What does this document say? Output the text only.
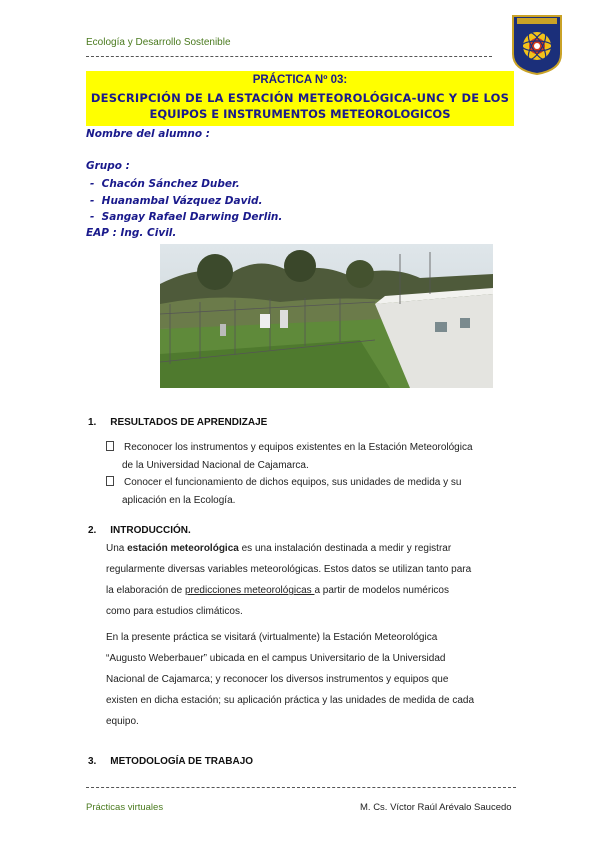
Ecología y Desarrollo Sostenible
PRÁCTICA Nº 03:
DESCRIPCIÓN DE LA ESTACIÓN METEOROLÓGICA-UNC Y DE LOS
EQUIPOS E INSTRUMENTOS METEOROLOGICOS
Nombre del alumno :
Grupo :
-  Chacón Sánchez Duber.
-  Huanambal Vázquez David.
-  Sangay Rafael Darwing Derlin.
EAP : Ing. Civil.
1. RESULTADOS DE APRENDIZAJE
Reconocer los instrumentos y equipos existentes en la Estación Meteorológica
de la Universidad Nacional de Cajamarca.
Conocer el funcionamiento de dichos equipos, sus unidades de medida y su
aplicación en la Ecología.
2. INTRODUCCIÓN.
Una estación meteorológica es una instalación destinada a medir y registrar
regularmente diversas variables meteorológicas. Estos datos se utilizan tanto para
la elaboración de predicciones meteorológicas a partir de modelos numéricos
como para estudios climáticos.
En la presente práctica se visitará (virtualmente) la Estación Meteorológica
“Augusto Weberbauer” ubicada en el campus Universitario de la Universidad
Nacional de Cajamarca; y reconocer los diversos instrumentos y equipos que
existen en dicha estación; su aplicación práctica y las unidades de medida de cada
equipo.
3. METODOLOGÍA DE TRABAJO
Prácticas virtuales	M. Cs. Víctor Raúl Arévalo Saucedo
